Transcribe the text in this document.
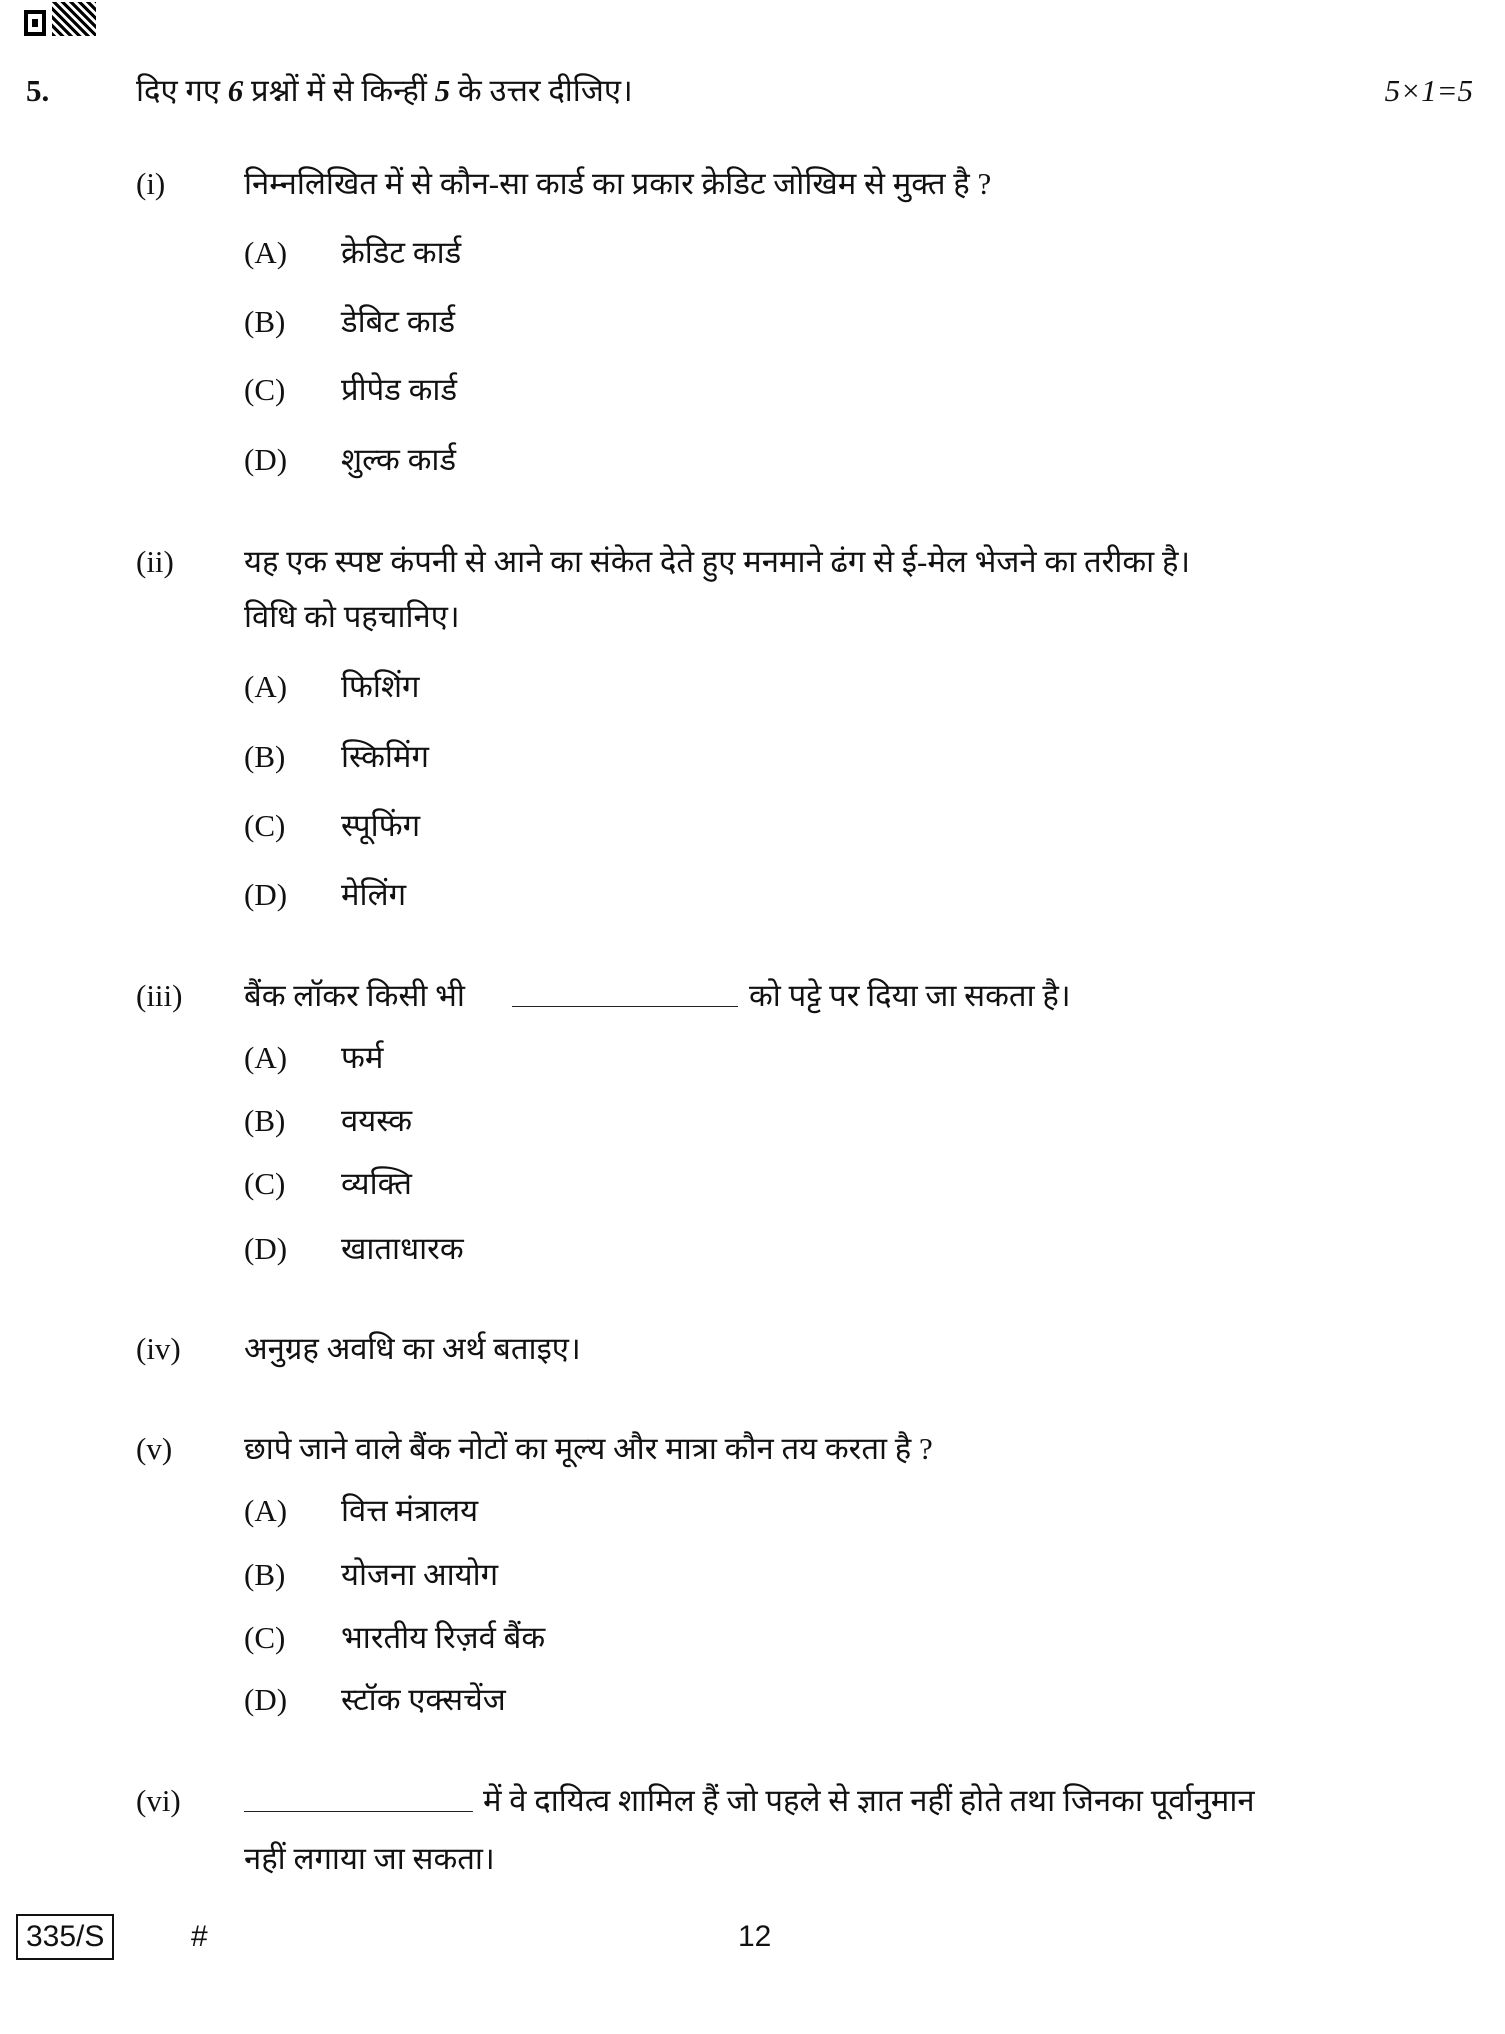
5.	दिए गए 6 प्रश्नों में से किन्हीं 5 के उत्तर दीजिए।	5×1=5
(i)	निम्नलिखित में से कौन-सा कार्ड का प्रकार क्रेडिट जोखिम से मुक्त है ?
(A) क्रेडिट कार्ड
(B) डेबिट कार्ड
(C) प्रीपेड कार्ड
(D) शुल्क कार्ड
(ii) यह एक स्पष्ट कंपनी से आने का संकेत देते हुए मनमाने ढंग से ई-मेल भेजने का तरीका है।
विधि को पहचानिए।
(A) फिशिंग
(B) स्किमिंग
(C) स्पूफिंग
(D) मेलिंग
(iii) बैंक लॉकर किसी भी	को पट्टे पर दिया जा सकता है।
(A) फर्म
(B) वयस्क
(C) व्यक्ति
(D) खाताधारक
(iv) अनुग्रह अवधि का अर्थ बताइए।
(v) छापे जाने वाले बैंक नोटों का मूल्य और मात्रा कौन तय करता है ?
(A) वित्त मंत्रालय
(B) योजना आयोग
(C) भारतीय रिज़र्व बैंक
(D) स्टॉक एक्सचेंज
(vi)	में वे दायित्व शामिल हैं जो पहले से ज्ञात नहीं होते तथा जिनका पूर्वानुमान
नहीं लगाया जा सकता।
335/S	#	12
